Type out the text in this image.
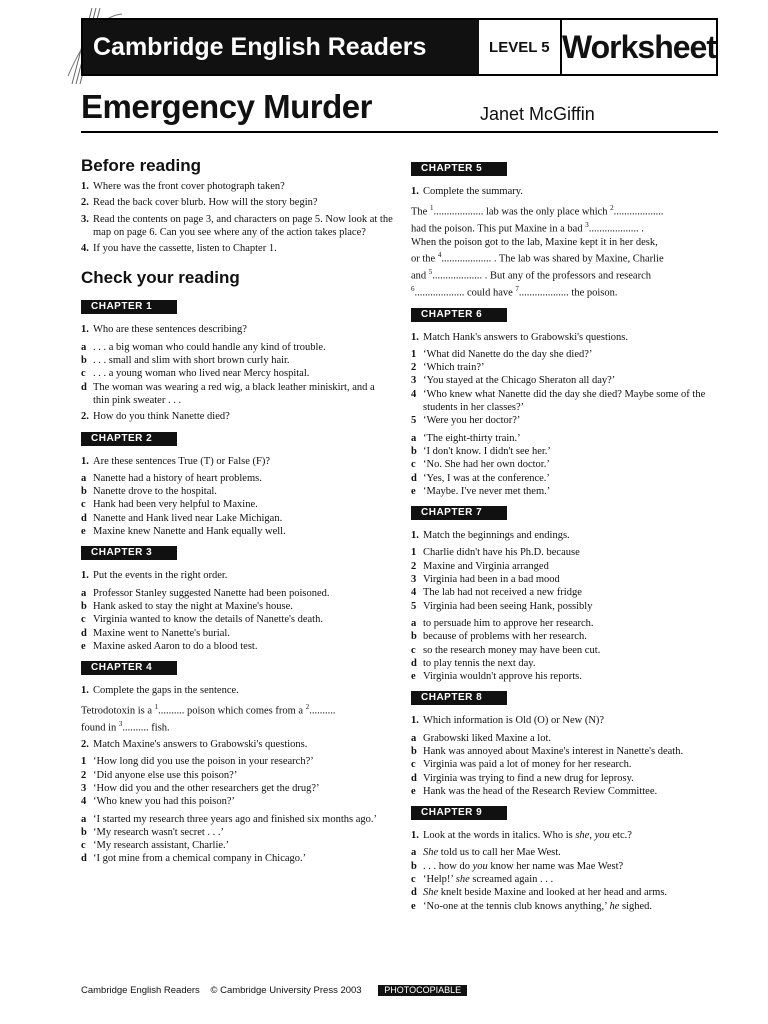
Cambridge English Readers	LEVEL 5 Worksheet
Emergency Murder	Janet McGiffin
Before reading
1. Where was the front cover photograph taken?
2. Read the back cover blurb. How will the story begin?
3. Read the contents on page 3, and characters on page 5. Now look at the map on page 6. Can you see where any of the action takes place?
4. If you have the cassette, listen to Chapter 1.
Check your reading
CHAPTER 1
1. Who are these sentences describing?
a . . . a big woman who could handle any kind of trouble.
b . . . small and slim with short brown curly hair.
c . . . a young woman who lived near Mercy hospital.
d The woman was wearing a red wig, a black leather miniskirt, and a thin pink sweater . . .
2. How do you think Nanette died?
CHAPTER 2
1. Are these sentences True (T) or False (F)?
a Nanette had a history of heart problems.
b Nanette drove to the hospital.
c Hank had been very helpful to Maxine.
d Nanette and Hank lived near Lake Michigan.
e Maxine knew Nanette and Hank equally well.
CHAPTER 3
1. Put the events in the right order.
a Professor Stanley suggested Nanette had been poisoned.
b Hank asked to stay the night at Maxine's house.
c Virginia wanted to know the details of Nanette's death.
d Maxine went to Nanette's burial.
e Maxine asked Aaron to do a blood test.
CHAPTER 4
1. Complete the gaps in the sentence.
Tetrodotoxin is a $^1$.......... poison which comes from a $^2$..........
found in $^3$.......... fish.
2. Match Maxine's answers to Grabowski's questions.
1 ‘How long did you use the poison in your research?’
2 ‘Did anyone else use this poison?’
3 ‘How did you and the other researchers get the drug?’
4 ‘Who knew you had this poison?’
a ‘I started my research three years ago and finished six months ago.’
b ‘My research wasn't secret . . .’
c ‘My research assistant, Charlie.’
d ‘I got mine from a chemical company in Chicago.’
CHAPTER 5
1. Complete the summary.
The $^1$................... lab was the only place which $^2$...................
had the poison. This put Maxine in a bad $^3$................... .
When the poison got to the lab, Maxine kept it in her desk,
or the $^4$................... . The lab was shared by Maxine, Charlie
and $^5$................... . But any of the professors and research
$^6$................... could have $^7$................... the poison.
CHAPTER 6
1. Match Hank's answers to Grabowski's questions.
1 ‘What did Nanette do the day she died?’
2 ‘Which train?’
3 ‘You stayed at the Chicago Sheraton all day?’
4 ‘Who knew what Nanette did the day she died? Maybe some of the students in her classes?’
5 ‘Were you her doctor?’
a ‘The eight-thirty train.’
b ‘I don't know. I didn't see her.’
c ‘No. She had her own doctor.’
d ‘Yes, I was at the conference.’
e ‘Maybe. I've never met them.’
CHAPTER 7
1. Match the beginnings and endings.
1 Charlie didn't have his Ph.D. because
2 Maxine and Virginia arranged
3 Virginia had been in a bad mood
4 The lab had not received a new fridge
5 Virginia had been seeing Hank, possibly
a to persuade him to approve her research.
b because of problems with her research.
c so the research money may have been cut.
d to play tennis the next day.
e Virginia wouldn't approve his reports.
CHAPTER 8
1. Which information is Old (O) or New (N)?
a Grabowski liked Maxine a lot.
b Hank was annoyed about Maxine's interest in Nanette's death.
c Virginia was paid a lot of money for her research.
d Virginia was trying to find a new drug for leprosy.
e Hank was the head of the Research Review Committee.
CHAPTER 9
1. Look at the words in italics. Who is she, you etc.?
a She told us to call her Mae West.
b . . . how do you know her name was Mae West?
c ‘Help!’ she screamed again . . .
d She knelt beside Maxine and looked at her head and arms.
e ‘No-one at the tennis club knows anything,’ he sighed.
Cambridge English Readers © Cambridge University Press 2003	PHOTOCOPIABLE
